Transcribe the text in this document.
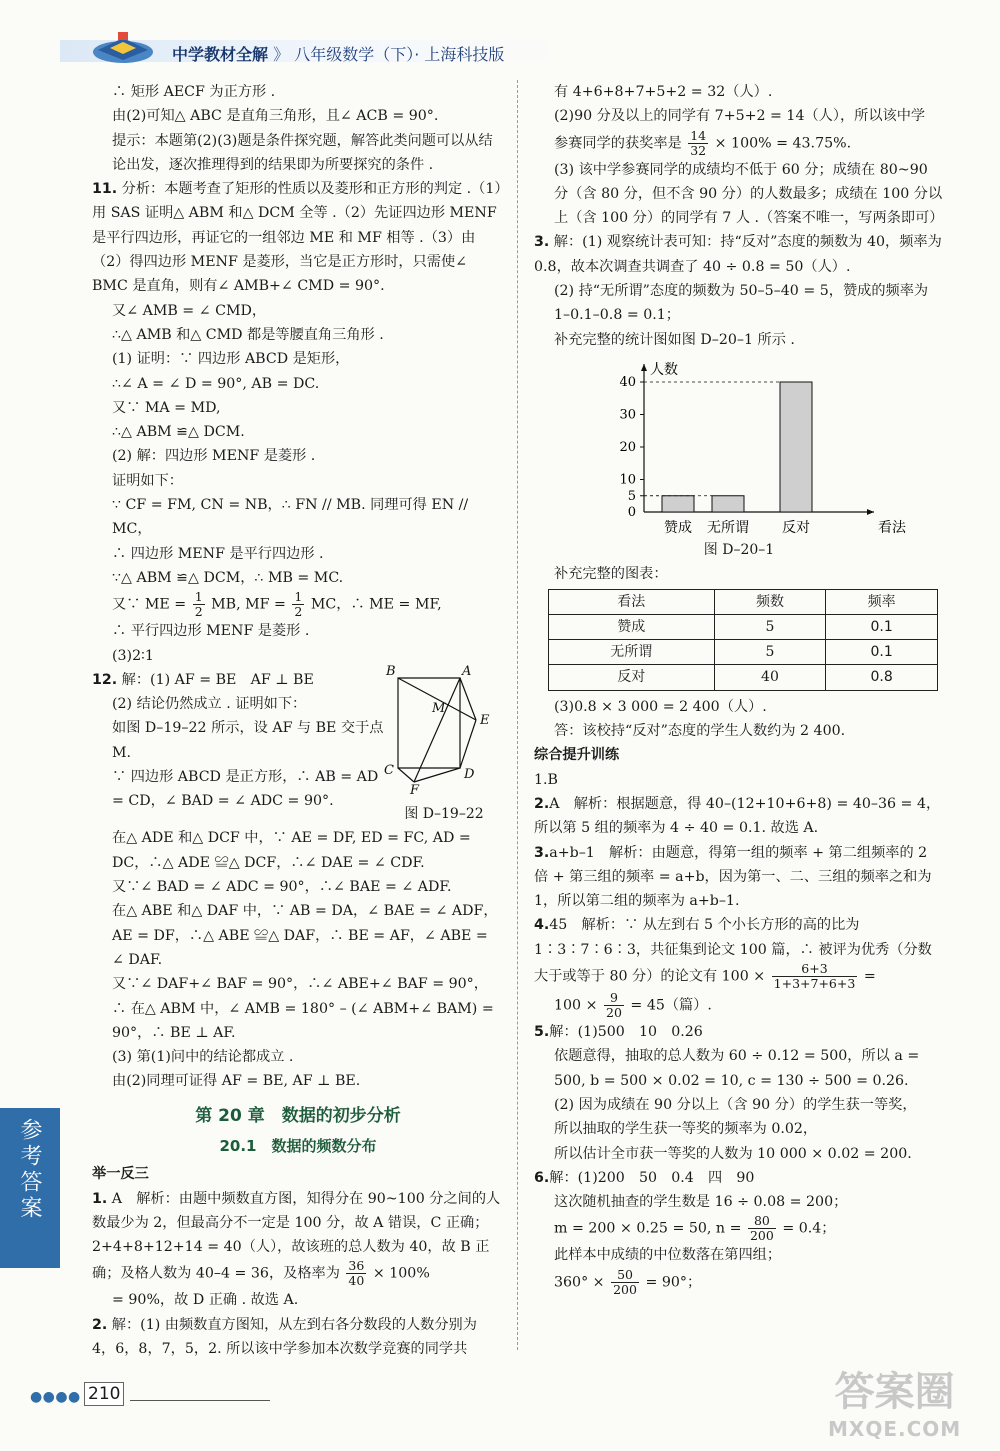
中学教材全解 》 八年级数学（下）· 上海科技版

∴ 矩形 AECF 为正方形 .

由(2)可知△ ABC 是直角三角形，且∠ ACB = 90°.

提示：本题第(2)(3)题是条件探究题，解答此类问题可以从结论出发，逐次推理得到的结果即为所要探究的条件 .

11. 分析：本题考查了矩形的性质以及菱形和正方形的判定 .（1）用 SAS 证明△ ABM 和△ DCM 全等 .（2）先证四边形 MENF 是平行四边形，再证它的一组邻边 ME 和 MF 相等 .（3）由（2）得四边形 MENF 是菱形，当它是正方形时，只需使∠ BMC 是直角，则有∠ AMB+∠ CMD = 90°.

又∠ AMB = ∠ CMD，

∴△ AMB 和△ CMD 都是等腰直角三角形 .

(1) 证明：∵ 四边形 ABCD 是矩形，

∴∠ A = ∠ D = 90°, AB = DC.

又∵ MA = MD,

∴△ ABM ≌△ DCM.

(2) 解：四边形 MENF 是菱形 .

证明如下：

∵ CF = FM, CN = NB，∴ FN // MB. 同理可得 EN // MC，

∴ 四边形 MENF 是平行四边形 .

∵△ ABM ≌△ DCM，∴ MB = MC.

又∵ ME = $\frac{1}{2}$ MB, MF = $\frac{1}{2}$ MC，∴ ME = MF,

∴ 平行四边形 MENF 是菱形 .

(3)2∶1

12. 解：(1) AF = BE　AF ⊥ BE

(2) 结论仍然成立 . 证明如下：

如图 D–19–22 所示，设 AF 与 BE 交于点 M.

∵ 四边形 ABCD 是正方形，∴ AB = AD = CD，∠ BAD = ∠ ADC = 90°.

B	A
M
E
C	D
F
图 D–19–22

在△ ADE 和△ DCF 中，∵ AE = DF, ED = FC, AD = DC，∴△ ADE ≌△ DCF，∴∠ DAE = ∠ CDF.

又∵∠ BAD = ∠ ADC = 90°，∴∠ BAE = ∠ ADF.

在△ ABE 和△ DAF 中，∵ AB = DA，∠ BAE = ∠ ADF，AE = DF，∴△ ABE ≌△ DAF，∴ BE = AF，∠ ABE = ∠ DAF.

又∵∠ DAF+∠ BAF = 90°，∴∠ ABE+∠ BAF = 90°，

∴ 在△ ABM 中，∠ AMB = 180° – (∠ ABM+∠ BAM) = 90°，∴ BE ⊥ AF.

(3) 第(1)问中的结论都成立 .

由(2)同理可证得 AF = BE, AF ⊥ BE.

第 20 章　数据的初步分析
20.1　数据的频数分布

举一反三

1. A　解析：由题中频数直方图，知得分在 90~100 分之间的人数最少为 2，但最高分不一定是 100 分，故 A 错误，C 正确；2+4+8+12+14 = 40（人），故该班的总人数为 40，故 B 正确；及格人数为 40–4 = 36，及格率为 $\frac{36}{40} \times 100\%$

= 90%，故 D 正确 . 故选 A.

2. 解：(1) 由频数直方图知，从左到右各分数段的人数分别为 4，6，8，7，5，2. 所以该中学参加本次数学竞赛的同学共

有 4+6+8+7+5+2 = 32（人）.

(2)90 分及以上的同学有 7+5+2 = 14（人），所以该中学

参赛同学的获奖率是 $\frac{14}{32} \times 100\% = 43.75\%$.

(3) 该中学参赛同学的成绩均不低于 60 分；成绩在 80~90 分（含 80 分，但不含 90 分）的人数最多；成绩在 100 分以上（含 100 分）的同学有 7 人 .（答案不唯一，写两条即可）

3. 解：(1) 观察统计表可知：持“反对”态度的频数为 40，频率为 0.8，故本次调查共调查了 40 ÷ 0.8 = 50（人）.

(2) 持“无所谓”态度的频数为 50–5–40 = 5，赞成的频率为 1–0.1–0.8 = 0.1；

补充完整的统计图如图 D–20–1 所示 .

0
5
10
20
30
40
人数
看法
赞成 无所谓 反对
图 D–20–1

补充完整的图表：

看法	频数	频率
赞成	5	0.1
无所谓	5	0.1
反对	40	0.8

(3)0.8 × 3 000 = 2 400（人）.

答：该校持“反对”态度的学生人数约为 2 400.

综合提升训练

1.B

2.A　解析：根据题意，得 40–(12+10+6+8) = 40–36 = 4，所以第 5 组的频率为 4 ÷ 40 = 0.1. 故选 A.

3.a+b–1　解析：由题意，得第一组的频率 + 第二组频率的 2 倍 + 第三组的频率 = a+b，因为第一、二、三组的频率之和为 1，所以第二组的频率为 a+b–1.

4.45　解析：∵ 从左到右 5 个小长方形的高的比为 1∶3∶7∶6∶3，共征集到论文 100 篇，∴ 被评为优秀（分数大于或等于 80 分）的论文有 $100 \times \frac{6+3}{1+3+7+6+3}$ =

$100 \times \frac{9}{20} = 45$（篇）.

5.解：(1)500　10　0.26

依题意得，抽取的总人数为 60 ÷ 0.12 = 500，所以 a = 500, b = 500 × 0.02 = 10, c = 130 ÷ 500 = 0.26.

(2) 因为成绩在 90 分以上（含 90 分）的学生获一等奖，

所以抽取的学生获一等奖的频率为 0.02，

所以估计全市获一等奖的人数为 10 000 × 0.02 = 200.

6.解：(1)200　50　0.4　四　90

这次随机抽查的学生数是 16 ÷ 0.08 = 200；

m = 200 × 0.25 = 50, $n = \frac{80}{200} = 0.4$；

此样本中成绩的中位数落在第四组；

$360^\circ \times \frac{50}{200} = 90^\circ$；

参考答案
● ● ● ● 210	答案圈
MXQE.COM
